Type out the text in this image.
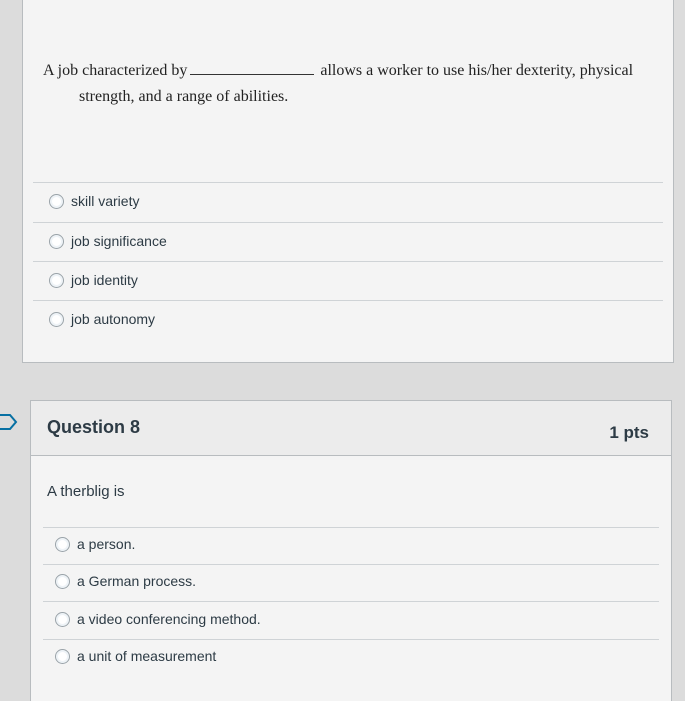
A job characterized by	allows a worker to use his/her dexterity, physical
strength, and a range of abilities.
skill variety
job significance
job identity
job autonomy
Question 8	1 pts
A therblig is
a person.
a German process.
a video conferencing method.
a unit of measurement
